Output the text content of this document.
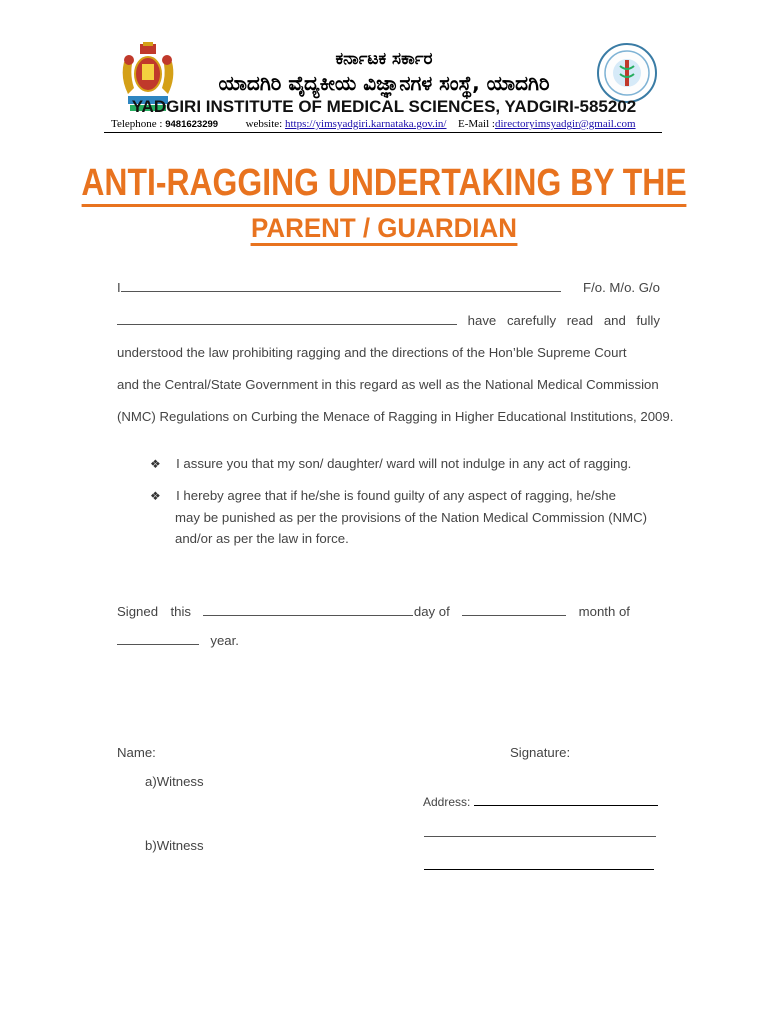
ಕರ್ನಾಟಕ ಸರ್ಕಾರ
ಯಾದಗಿರಿ ವೈದ್ಯಕೀಯ ವಿಜ್ಞಾನಗಳ ಸಂಸ್ಥೆ, ಯಾದಗಿರಿ
YADGIRI INSTITUTE OF MEDICAL SCIENCES, YADGIRI-585202
Telephone : 9481623299	website: https://yimsyadgiri.karnataka.gov.in/ E-Mail :directoryimsyadgir@gmail.com
ANTI-RAGGING UNDERTAKING BY THE
PARENT / GUARDIAN
I	F/o. M/o. G/o
have carefully read and fully
understood the law prohibiting ragging and the directions of the Hon’ble Supreme Court
and the Central/State Government in this regard as well as the National Medical Commission
(NMC) Regulations on Curbing the Menace of Ragging in Higher Educational Institutions, 2009.
❖ I assure you that my son/ daughter/ ward will not indulge in any act of ragging.
❖ I hereby agree that if he/she is found guilty of any aspect of ragging, he/she
may be punished as per the provisions of the Nation Medical Commission (NMC)
and/or as per the law in force.
Signed this	day of	month of
year.
Name:	Signature:
a)Witness
b)Witness
Address:
